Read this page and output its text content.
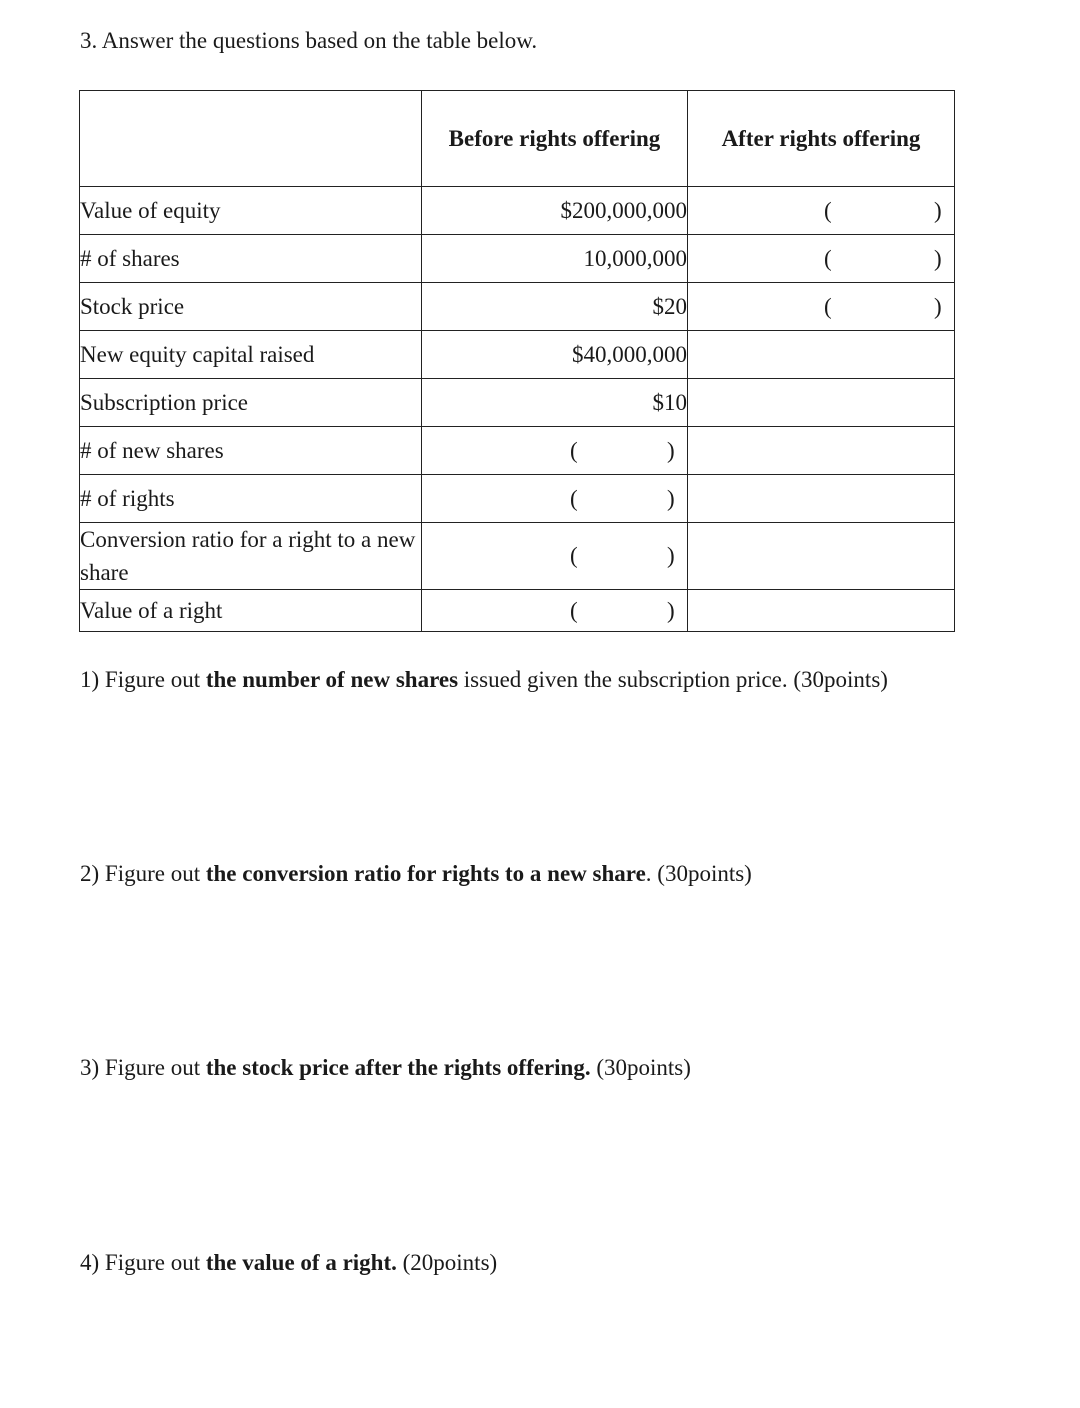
3. Answer the questions based on the table below.

	Before rights offering	After rights offering
Value of equity	$200,000,000	( )

# of shares	10,000,000	( )

Stock price	$20	( )

New equity capital raised	$40,000,000	
Subscription price	$10	
# of new shares	( )	

# of rights	( )	

Conversion ratio for a right to a new share	( )	

Value of a right	( )	

1) Figure out the number of new shares issued given the subscription price. (30points)

2) Figure out the conversion ratio for rights to a new share. (30points)

3) Figure out the stock price after the rights offering. (30points)

4) Figure out the value of a right. (20points)
